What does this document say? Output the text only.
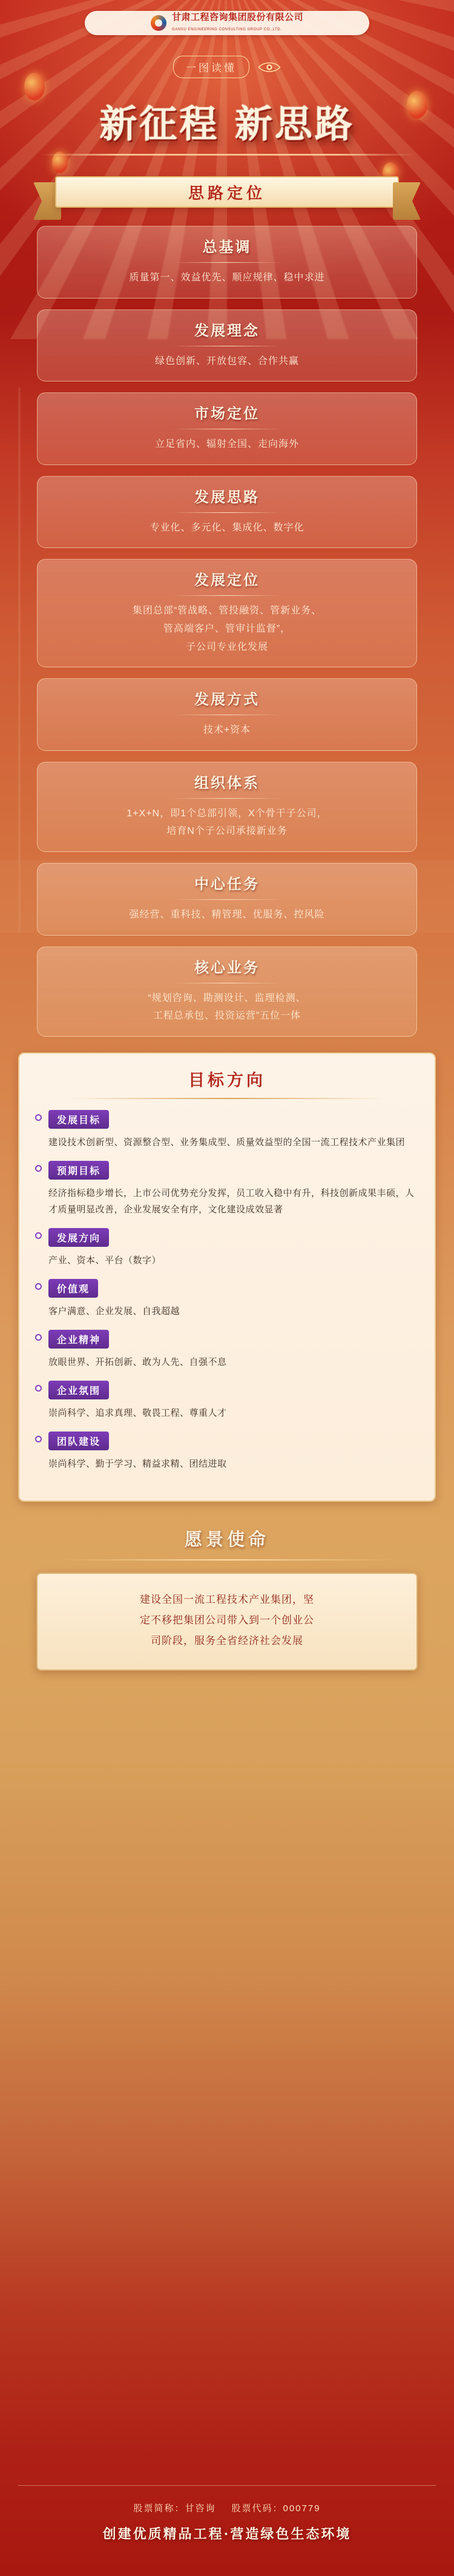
甘肃工程咨询集团股份有限公司
GANSU ENGINEERING CONSULTING GROUP CO.,LTD.
一图读懂
新征程 新思路
思路定位
总基调
质量第一、效益优先、顺应规律、稳中求进
发展理念
绿色创新、开放包容、合作共赢
市场定位
立足省内、辐射全国、走向海外
发展思路
专业化、多元化、集成化、数字化
发展定位
集团总部“管战略、管投融资、管新业务、
管高端客户、管审计监督”，
子公司专业化发展
发展方式
技术+资本
组织体系
1+X+N，即1个总部引领，X个骨干子公司，
培育N个子公司承接新业务
中心任务
强经营、重科技、精管理、优服务、控风险
核心业务
“规划咨询、勘测设计、监理检测、
工程总承包、投资运营”五位一体
目标方向
发展目标
建设技术创新型、资源整合型、业务集成型、质量效益型的全国一流工程技术产业集团
预期目标
经济指标稳步增长，上市公司优势充分发挥，员工收入稳中有升，科技创新成果丰硕，人才质量明显改善，企业发展安全有序，文化建设成效显著
发展方向
产业、资本、平台（数字）
价值观
客户满意、企业发展、自我超越
企业精神
放眼世界、开拓创新、敢为人先、自强不息
企业氛围
崇尚科学、追求真理、敬畏工程、尊重人才
团队建设
崇尚科学、勤于学习、精益求精、团结进取
愿景使命
建设全国一流工程技术产业集团，坚
定不移把集团公司带入到一个创业公
司阶段，服务全省经济社会发展
股票简称：甘咨询 股票代码：000779
创建优质精品工程·营造绿色生态环境
